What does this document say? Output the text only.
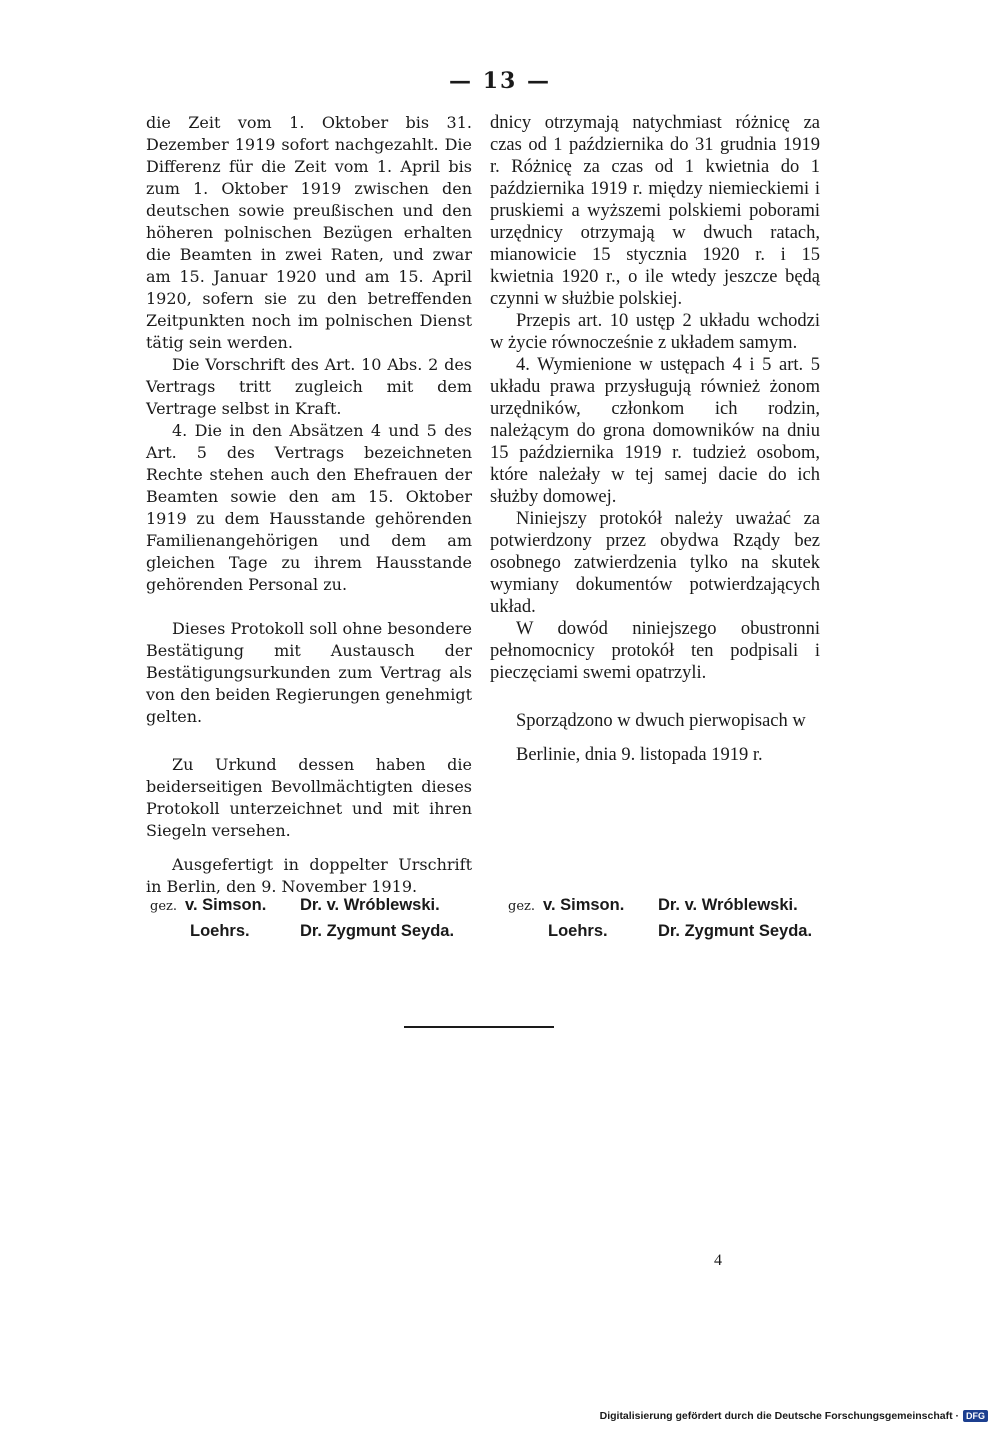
— 13 —

die Zeit vom 1. Oktober bis 31. Dezember 1919 sofort nachgezahlt. Die Differenz für die Zeit vom 1. April bis zum 1. Oktober 1919 zwischen den deutschen sowie preußischen und den höheren polnischen Bezügen erhalten die Beamten in zwei Raten, und zwar am 15. Januar 1920 und am 15. April 1920, sofern sie zu den betreffenden Zeitpunkten noch im polnischen Dienst tätig sein werden.

Die Vorschrift des Art. 10 Abs. 2 des Vertrags tritt zugleich mit dem Vertrage selbst in Kraft.

4. Die in den Absätzen 4 und 5 des Art. 5 des Vertrags bezeichneten Rechte stehen auch den Ehefrauen der Beamten sowie den am 15. Oktober 1919 zu dem Hausstande gehörenden Familienangehörigen und dem am gleichen Tage zu ihrem Hausstande gehörenden Personal zu.

Dieses Protokoll soll ohne besondere Bestätigung mit Austausch der Bestätigungsurkunden zum Vertrag als von den beiden Regierungen genehmigt gelten.

Zu Urkund dessen haben die beiderseitigen Bevollmächtigten dieses Protokoll unterzeichnet und mit ihren Siegeln versehen.

Ausgefertigt in doppelter Urschrift in Berlin, den 9. November 1919.

dnicy otrzymają natychmiast różnicę za czas od 1 października do 31 grudnia 1919 r. Różnicę za czas od 1 kwietnia do 1 października 1919 r. między niemieckiemi i pruskiemi a wyższemi polskiemi poborami urzędnicy otrzymają w dwuch ratach, mianowicie 15 stycznia 1920 r. i 15 kwietnia 1920 r., o ile wtedy jeszcze będą czynni w służbie polskiej.

Przepis art. 10 ustęp 2 układu wchodzi w życie równocześnie z układem samym.

4. Wymienione w ustępach 4 i 5 art. 5 układu prawa przysługują również żonom urzędników, członkom ich rodzin, należącym do grona domowników na dniu 15 października 1919 r. tudzież osobom, które należały w tej samej dacie do ich służby domowej.

Niniejszy protokół należy uważać za potwierdzony przez obydwa Rządy bez osobnego zatwierdzenia tylko na skutek wymiany dokumentów potwierdzających układ.

W dowód niniejszego obustronni pełnomocnicy protokół ten podpisali i pieczęciami swemi opatrzyli.

Sporządzono w dwuch pierwopisach w

Berlinie, dnia 9. listopada 1919 r.

gez. v. Simson.	Dr. v. Wróblewski.
Loehrs.	Dr. Zygmunt Seyda.
gez. v. Simson.	Dr. v. Wróblewski.
Loehrs.	Dr. Zygmunt Seyda.
4
Digitalisierung gefördert durch die Deutsche Forschungsgemeinschaft · DFG
